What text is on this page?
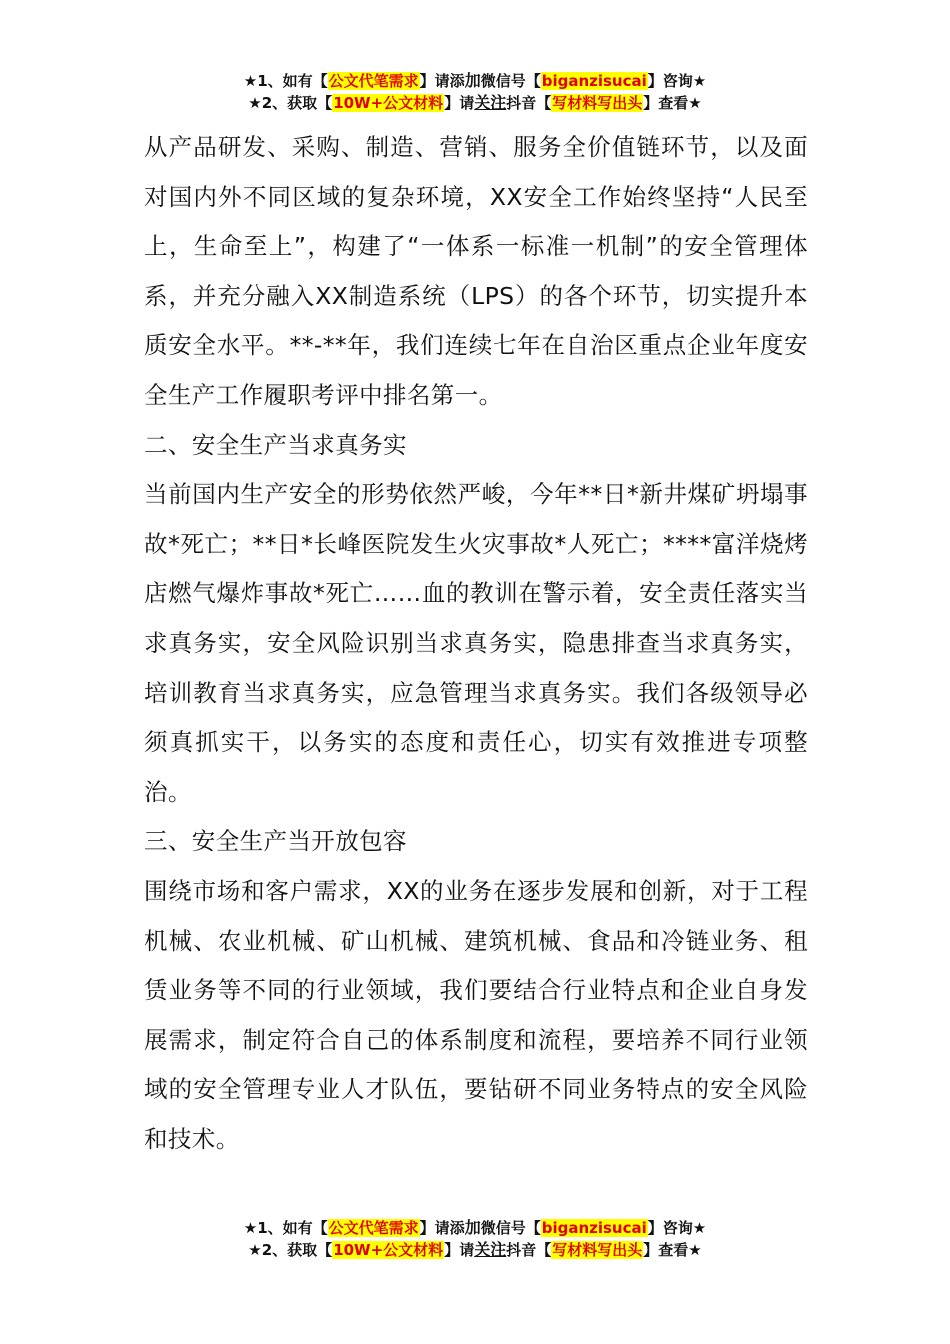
★1、如有【公文代笔需求】请添加微信号【biganzisucai】咨询★
★2、获取【10W+公文材料】请关注抖音【写材料写出头】查看★

从产品研发、采购、制造、营销、服务全价值链环节，以及面对国内外不同区域的复杂环境，XX安全工作始终坚持“人民至上，生命至上”，构建了“一体系一标准一机制”的安全管理体系，并充分融入XX制造系统（LPS）的各个环节，切实提升本质安全水平。**-**年，我们连续七年在自治区重点企业年度安全生产工作履职考评中排名第一。

二、安全生产当求真务实

当前国内生产安全的形势依然严峻，今年**日*新井煤矿坍塌事故*死亡；**日*长峰医院发生火灾事故*人死亡；****富洋烧烤店燃气爆炸事故*死亡……血的教训在警示着，安全责任落实当求真务实，安全风险识别当求真务实，隐患排查当求真务实，培训教育当求真务实，应急管理当求真务实。我们各级领导必须真抓实干，以务实的态度和责任心，切实有效推进专项整治。

三、安全生产当开放包容

围绕市场和客户需求，XX的业务在逐步发展和创新，对于工程机械、农业机械、矿山机械、建筑机械、食品和冷链业务、租赁业务等不同的行业领域，我们要结合行业特点和企业自身发展需求，制定符合自己的体系制度和流程，要培养不同行业领域的安全管理专业人才队伍，要钻研不同业务特点的安全风险和技术。

★1、如有【公文代笔需求】请添加微信号【biganzisucai】咨询★
★2、获取【10W+公文材料】请关注抖音【写材料写出头】查看★
